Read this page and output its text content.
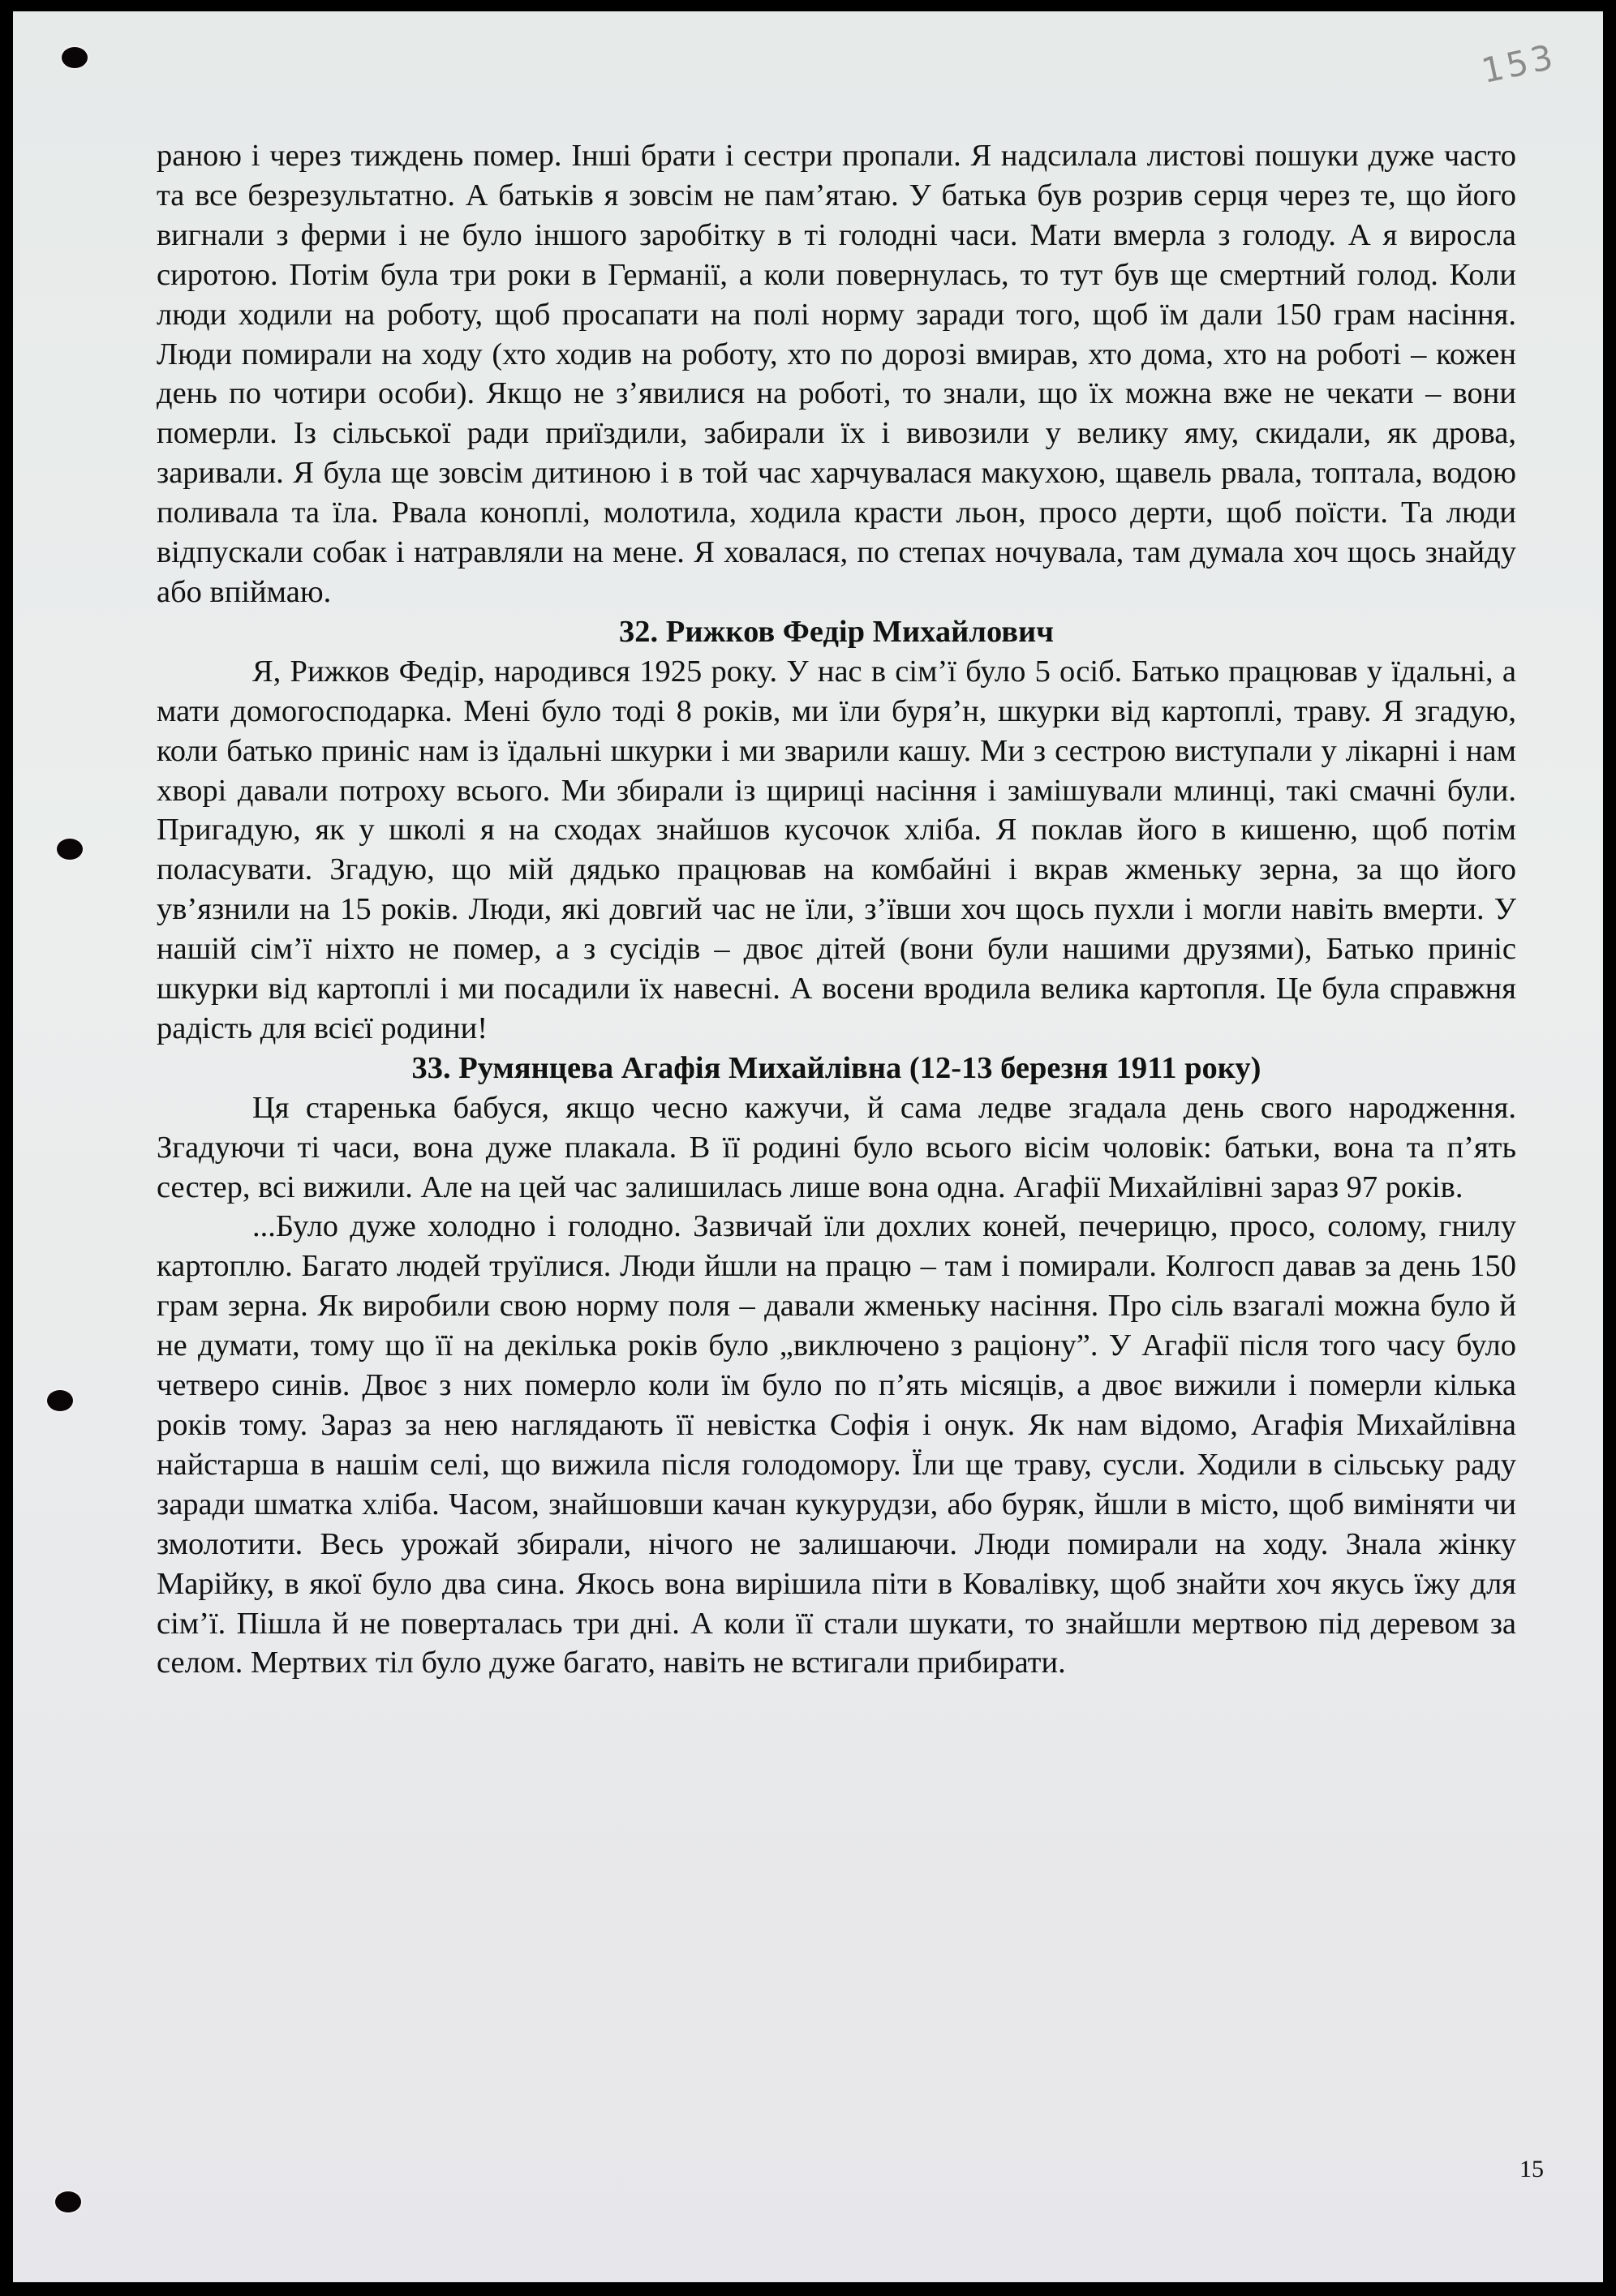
153

раною і через тиждень помер. Інші брати і сестри пропали. Я надсилала листові пошуки дуже часто та все безрезультатно. А батьків я зовсім не пам’ятаю. У батька був розрив серця через те, що його вигнали з ферми і не було іншого заробітку в ті голодні часи. Мати вмерла з голоду. А я виросла сиротою. Потім була три роки в Германії, а коли повернулась, то тут був ще смертний голод. Коли люди ходили на роботу, щоб просапати на полі норму заради того, щоб їм дали 150 грам насіння. Люди помирали на ходу (хто ходив на роботу, хто по дорозі вмирав, хто дома, хто на роботі – кожен день по чотири особи). Якщо не з’явилися на роботі, то знали, що їх можна вже не чекати – вони померли. Із сільської ради приїздили, забирали їх і вивозили у велику яму, скидали, як дрова, заривали. Я була ще зовсім дитиною і в той час харчувалася макухою, щавель рвала, топтала, водою поливала та їла. Рвала коноплі, молотила, ходила красти льон, просо дерти, щоб поїсти. Та люди відпускали собак і натравляли на мене. Я ховалася, по степах ночувала, там думала хоч щось знайду або впіймаю.

32. Рижков Федір Михайлович

Я, Рижков Федір, народився 1925 року. У нас в сім’ї було 5 осіб. Батько працював у їдальні, а мати домогосподарка. Мені було тоді 8 років, ми їли буря’н, шкурки від картоплі, траву. Я згадую, коли батько приніс нам із їдальні шкурки і ми зварили кашу. Ми з сестрою виступали у лікарні і нам хворі давали потроху всього. Ми збирали із щириці насіння і замішували млинці, такі смачні були. Пригадую, як у школі я на сходах знайшов кусочок хліба. Я поклав його в кишеню, щоб потім поласувати. Згадую, що мій дядько працював на комбайні і вкрав жменьку зерна, за що його ув’язнили на 15 років. Люди, які довгий час не їли, з’ївши хоч щось пухли і могли навіть вмерти. У нашій сім’ї ніхто не помер, а з сусідів – двоє дітей (вони були нашими друзями), Батько приніс шкурки від картоплі і ми посадили їх навесні. А восени вродила велика картопля. Це була справжня радість для всієї родини!

33. Румянцева Агафія Михайлівна (12-13 березня 1911 року)

Ця старенька бабуся, якщо чесно кажучи, й сама ледве згадала день свого народження. Згадуючи ті часи, вона дуже плакала. В її родині було всього вісім чоловік: батьки, вона та п’ять сестер, всі вижили. Але на цей час залишилась лише вона одна. Агафії Михайлівні зараз 97 років.

...Було дуже холодно і голодно. Зазвичай їли дохлих коней, печерицю, просо, солому, гнилу картоплю. Багато людей труїлися. Люди йшли на працю – там і помирали. Колгосп давав за день 150 грам зерна. Як виробили свою норму поля – давали жменьку насіння. Про сіль взагалі можна було й не думати, тому що її на декілька років було „виключено з раціону”. У Агафії після того часу було четверо синів. Двоє з них померло коли їм було по п’ять місяців, а двоє вижили і померли кілька років тому. Зараз за нею наглядають її невістка Софія і онук. Як нам відомо, Агафія Михайлівна найстарша в нашім селі, що вижила після голодомору. Їли ще траву, сусли. Ходили в сільську раду заради шматка хліба. Часом, знайшовши качан кукурудзи, або буряк, йшли в місто, щоб виміняти чи змолотити. Весь урожай збирали, нічого не залишаючи. Люди помирали на ходу. Знала жінку Марійку, в якої було два сина. Якось вона вирішила піти в Ковалівку, щоб знайти хоч якусь їжу для сім’ї. Пішла й не поверталась три дні. А коли її стали шукати, то знайшли мертвою під деревом за селом. Мертвих тіл було дуже багато, навіть не встигали прибирати.

15
